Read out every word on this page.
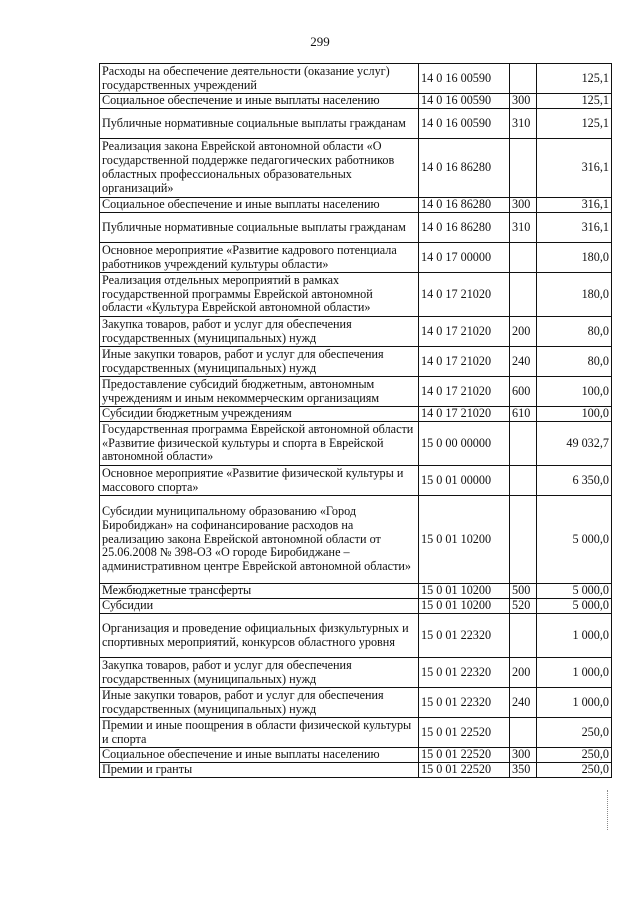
299
Расходы на обеспечение деятельности (оказание услуг) государственных учреждений	14 0 16 00590		125,1
Социальное обеспечение и иные выплаты населению	14 0 16 00590	300	125,1
Публичные нормативные социальные выплаты гражданам	14 0 16 00590	310	125,1
Реализация закона Еврейской автономной области «О государственной поддержке педагогических работников областных профессиональных образовательных организаций»	14 0 16 86280		316,1
Социальное обеспечение и иные выплаты населению	14 0 16 86280	300	316,1
Публичные нормативные социальные выплаты гражданам	14 0 16 86280	310	316,1
Основное мероприятие «Развитие кадрового потенциала работников учреждений культуры области»	14 0 17 00000		180,0
Реализация отдельных мероприятий в рамках государственной программы Еврейской автономной области «Культура Еврейской автономной области»	14 0 17 21020		180,0
Закупка товаров, работ и услуг для обеспечения государственных (муниципальных) нужд	14 0 17 21020	200	80,0
Иные закупки товаров, работ и услуг для обеспечения государственных (муниципальных) нужд	14 0 17 21020	240	80,0
Предоставление субсидий бюджетным, автономным учреждениям и иным некоммерческим организациям	14 0 17 21020	600	100,0
Субсидии бюджетным учреждениям	14 0 17 21020	610	100,0
Государственная программа Еврейской автономной области «Развитие физической культуры и спорта в Еврейской автономной области»	15 0 00 00000		49 032,7
Основное мероприятие «Развитие физической культуры и массового спорта»	15 0 01 00000		6 350,0
Субсидии муниципальному образованию «Город Биробиджан» на софинансирование расходов на реализацию закона Еврейской автономной области от 25.06.2008 № 398-ОЗ «О городе Биробиджане – административном центре Еврейской автономной области»	15 0 01 10200		5 000,0
Межбюджетные трансферты	15 0 01 10200	500	5 000,0
Субсидии	15 0 01 10200	520	5 000,0
Организация и проведение официальных физкультурных и спортивных мероприятий, конкурсов областного уровня	15 0 01 22320		1 000,0
Закупка товаров, работ и услуг для обеспечения государственных (муниципальных) нужд	15 0 01 22320	200	1 000,0
Иные закупки товаров, работ и услуг для обеспечения государственных (муниципальных) нужд	15 0 01 22320	240	1 000,0
Премии и иные поощрения в области физической культуры и спорта	15 0 01 22520		250,0
Социальное обеспечение и иные выплаты населению	15 0 01 22520	300	250,0
Премии и гранты	15 0 01 22520	350	250,0
